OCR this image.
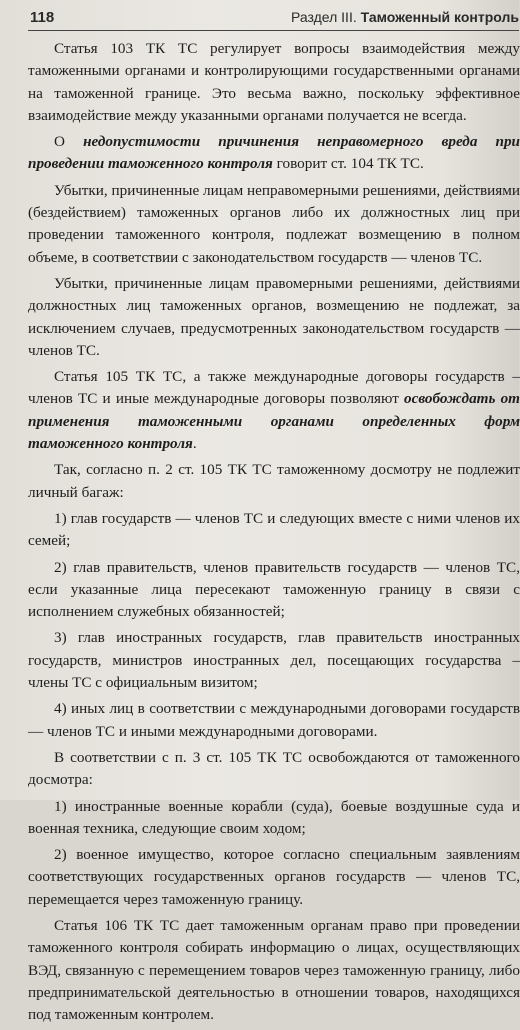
118	Раздел III. Таможенный контроль

Статья 103 ТК ТС регулирует вопросы взаимодействия между таможенными органами и контролирующими государственными органами на таможенной границе. Это весьма важно, поскольку эффективное взаимодействие между указанными органами получается не всегда.

О недопустимости причинения неправомерного вреда при проведении таможенного контроля говорит ст. 104 ТК ТС.

Убытки, причиненные лицам неправомерными решениями, действиями (бездействием) таможенных органов либо их должностных лиц при проведении таможенного контроля, подлежат возмещению в полном объеме, в соответствии с законодательством государств — членов ТС.

Убытки, причиненные лицам правомерными решениями, действиями должностных лиц таможенных органов, возмещению не подлежат, за исключением случаев, предусмотренных законодательством государств — членов ТС.

Статья 105 ТК ТС, а также международные договоры государств – членов ТС и иные международные договоры позволяют освобождать от применения таможенными органами определенных форм таможенного контроля.

Так, согласно п. 2 ст. 105 ТК ТС таможенному досмотру не подлежит личный багаж:

1) глав государств — членов ТС и следующих вместе с ними членов их семей;

2) глав правительств, членов правительств государств — членов ТС, если указанные лица пересекают таможенную границу в связи с исполнением служебных обязанностей;

3) глав иностранных государств, глав правительств иностранных государств, министров иностранных дел, посещающих государства – члены ТС с официальным визитом;

4) иных лиц в соответствии с международными договорами государств — членов ТС и иными международными договорами.

В соответствии с п. 3 ст. 105 ТК ТС освобождаются от таможенного досмотра:

1) иностранные военные корабли (суда), боевые воздушные суда и военная техника, следующие своим ходом;

2) военное имущество, которое согласно специальным заявлениям соответствующих государственных органов государств — членов ТС, перемещается через таможенную границу.

Статья 106 ТК ТС дает таможенным органам право при проведении таможенного контроля собирать информацию о лицах, осуществляющих ВЭД, связанную с перемещением товаров через таможенную границу, либо предпринимательской деятельностью в отношении товаров, находящихся под таможенным контролем.
